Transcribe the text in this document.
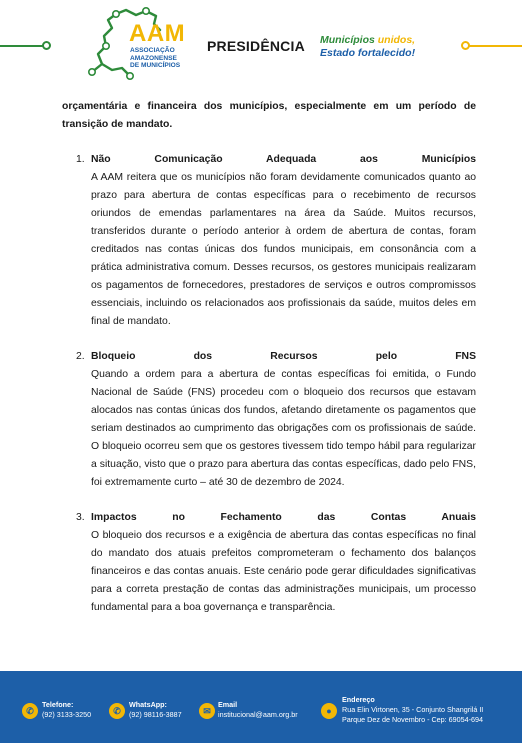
AAM
ASSOCIAÇÃO
AMAZONENSE
DE MUNICÍPIOS
PRESIDÊNCIA Municípios unidos,
Estado fortalecido!

orçamentária e financeira dos municípios, especialmente em um período de transição de mandato.

1. Não Comunicação Adequada aos Municípios

A AAM reitera que os municípios não foram devidamente comunicados quanto ao prazo para abertura de contas específicas para o recebimento de recursos oriundos de emendas parlamentares na área da Saúde. Muitos recursos, transferidos durante o período anterior à ordem de abertura de contas, foram creditados nas contas únicas dos fundos municipais, em consonância com a prática administrativa comum. Desses recursos, os gestores municipais realizaram os pagamentos de fornecedores, prestadores de serviços e outros compromissos essenciais, incluindo os relacionados aos profissionais da saúde, muitos deles em final de mandato.

2. Bloqueio dos Recursos pelo FNS

Quando a ordem para a abertura de contas específicas foi emitida, o Fundo Nacional de Saúde (FNS) procedeu com o bloqueio dos recursos que estavam alocados nas contas únicas dos fundos, afetando diretamente os pagamentos que seriam destinados ao cumprimento das obrigações com os profissionais de saúde. O bloqueio ocorreu sem que os gestores tivessem tido tempo hábil para regularizar a situação, visto que o prazo para abertura das contas específicas, dado pelo FNS, foi extremamente curto – até 30 de dezembro de 2024.

3. Impactos no Fechamento das Contas Anuais

O bloqueio dos recursos e a exigência de abertura das contas específicas no final do mandato dos atuais prefeitos comprometeram o fechamento dos balanços financeiros e das contas anuais. Este cenário pode gerar dificuldades significativas para a correta prestação de contas das administrações municipais, um processo fundamental para a boa governança e transparência.

✆
Telefone:
(92) 3133-3250	✆
WhatsApp:
(92) 98116-3887	✉
Email
institucional@aam.org.br	●
Endereço
Rua Elin Virtonen, 35 - Conjunto Shangrilá II
Parque Dez de Novembro - Cep: 69054-694
